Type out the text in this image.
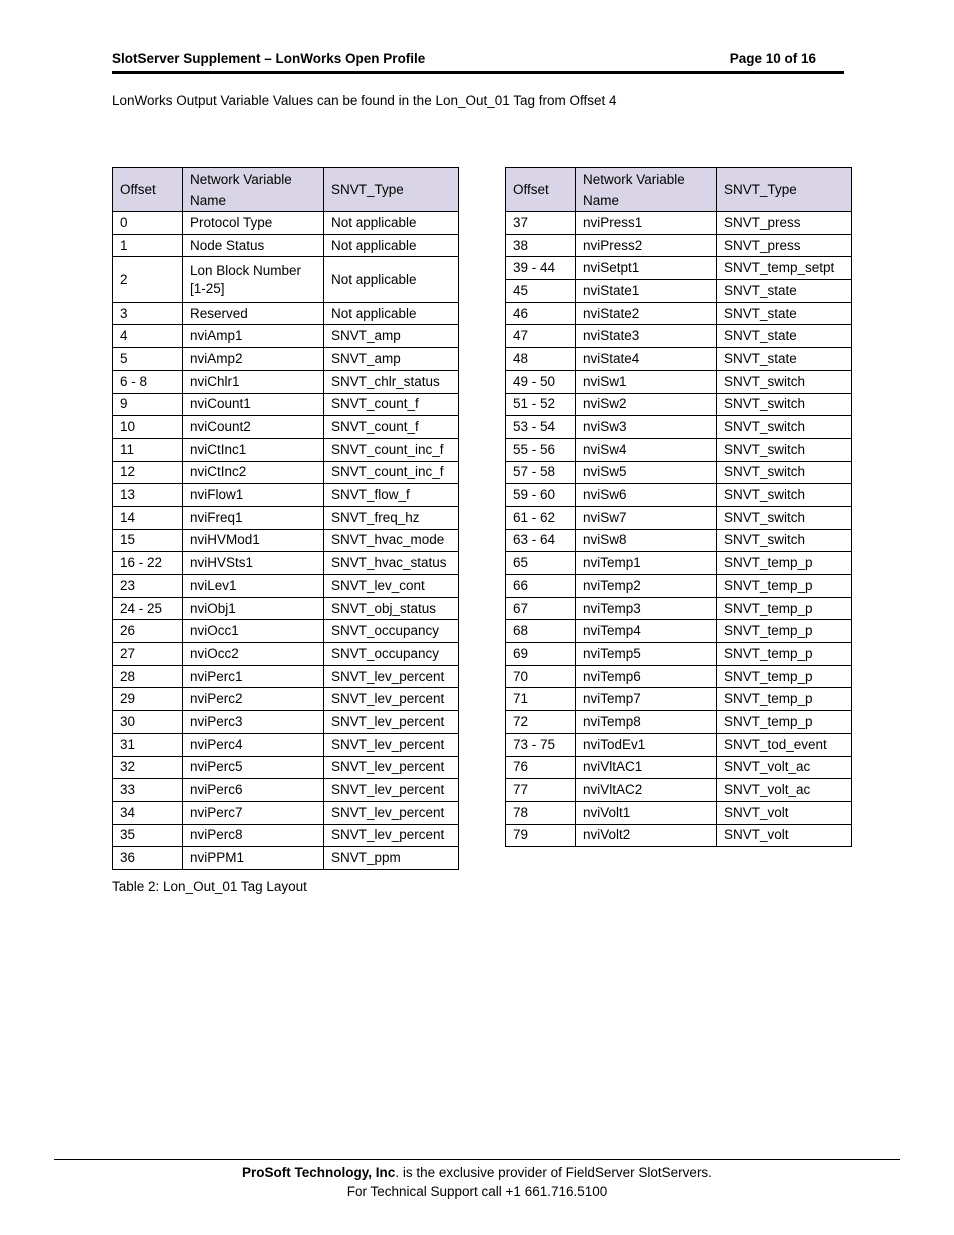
SlotServer Supplement – LonWorks Open Profile	Page 10 of 16
LonWorks Output Variable Values can be found in the Lon_Out_01 Tag from Offset 4
Offset	Network Variable Name	SNVT_Type
0	Protocol Type	Not applicable
1	Node Status	Not applicable
2	Lon Block Number [1-25]	Not applicable
3	Reserved	Not applicable
4	nviAmp1	SNVT_amp
5	nviAmp2	SNVT_amp
6 - 8	nviChlr1	SNVT_chlr_status
9	nviCount1	SNVT_count_f
10	nviCount2	SNVT_count_f
11	nviCtInc1	SNVT_count_inc_f
12	nviCtInc2	SNVT_count_inc_f
13	nviFlow1	SNVT_flow_f
14	nviFreq1	SNVT_freq_hz
15	nviHVMod1	SNVT_hvac_mode
16 - 22	nviHVSts1	SNVT_hvac_status
23	nviLev1	SNVT_lev_cont
24 - 25	nviObj1	SNVT_obj_status
26	nviOcc1	SNVT_occupancy
27	nviOcc2	SNVT_occupancy
28	nviPerc1	SNVT_lev_percent
29	nviPerc2	SNVT_lev_percent
30	nviPerc3	SNVT_lev_percent
31	nviPerc4	SNVT_lev_percent
32	nviPerc5	SNVT_lev_percent
33	nviPerc6	SNVT_lev_percent
34	nviPerc7	SNVT_lev_percent
35	nviPerc8	SNVT_lev_percent
36	nviPPM1	SNVT_ppm
Offset	Network Variable Name	SNVT_Type
37	nviPress1	SNVT_press
38	nviPress2	SNVT_press
39 - 44	nviSetpt1	SNVT_temp_setpt
45	nviState1	SNVT_state
46	nviState2	SNVT_state
47	nviState3	SNVT_state
48	nviState4	SNVT_state
49 - 50	nviSw1	SNVT_switch
51 - 52	nviSw2	SNVT_switch
53 - 54	nviSw3	SNVT_switch
55 - 56	nviSw4	SNVT_switch
57 - 58	nviSw5	SNVT_switch
59 - 60	nviSw6	SNVT_switch
61 - 62	nviSw7	SNVT_switch
63 - 64	nviSw8	SNVT_switch
65	nviTemp1	SNVT_temp_p
66	nviTemp2	SNVT_temp_p
67	nviTemp3	SNVT_temp_p
68	nviTemp4	SNVT_temp_p
69	nviTemp5	SNVT_temp_p
70	nviTemp6	SNVT_temp_p
71	nviTemp7	SNVT_temp_p
72	nviTemp8	SNVT_temp_p
73 - 75	nviTodEv1	SNVT_tod_event
76	nviVltAC1	SNVT_volt_ac
77	nviVltAC2	SNVT_volt_ac
78	nviVolt1	SNVT_volt
79	nviVolt2	SNVT_volt
Table 2: Lon_Out_01 Tag Layout
ProSoft Technology, Inc. is the exclusive provider of FieldServer SlotServers.
For Technical Support call +1 661.716.5100
